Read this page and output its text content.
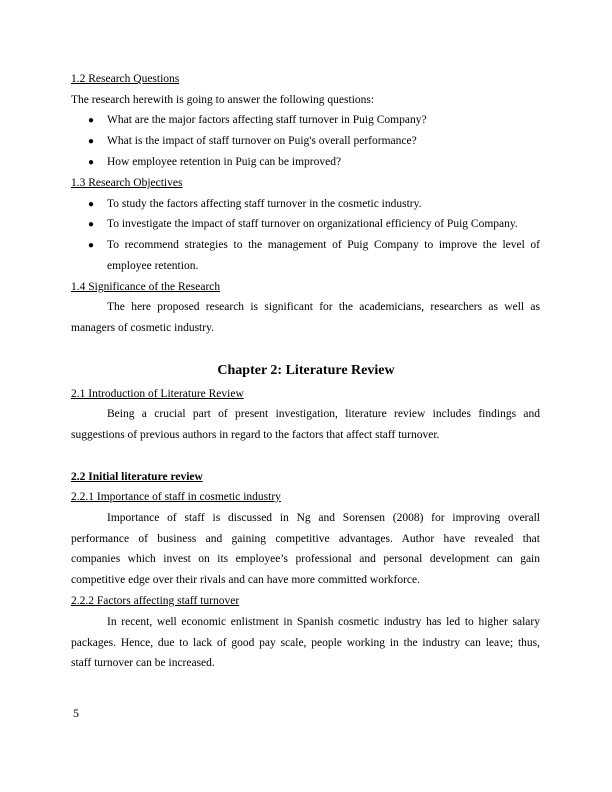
1.2 Research Questions
The research herewith is going to answer the following questions:
● What are the major factors affecting staff turnover in Puig Company?
● What is the impact of staff turnover on Puig's overall performance?
● How employee retention in Puig can be improved?
1.3 Research Objectives
● To study the factors affecting staff turnover in the cosmetic industry.
● To investigate the impact of staff turnover on organizational efficiency of Puig Company.
● To recommend strategies to the management of Puig Company to improve the level of
employee retention.
1.4 Significance of the Research
The here proposed research is significant for the academicians, researchers as well as
managers of cosmetic industry.
Chapter 2: Literature Review
2.1 Introduction of Literature Review
Being a crucial part of present investigation, literature review includes findings and
suggestions of previous authors in regard to the factors that affect staff turnover.
2.2 Initial literature review
2.2.1 Importance of staff in cosmetic industry
Importance of staff is discussed in Ng and Sorensen (2008) for improving overall
performance of business and gaining competitive advantages. Author have revealed that
companies which invest on its employee’s professional and personal development can gain
competitive edge over their rivals and can have more committed workforce.
2.2.2 Factors affecting staff turnover
In recent, well economic enlistment in Spanish cosmetic industry has led to higher salary
packages. Hence, due to lack of good pay scale, people working in the industry can leave; thus,
staff turnover can be increased.
5
